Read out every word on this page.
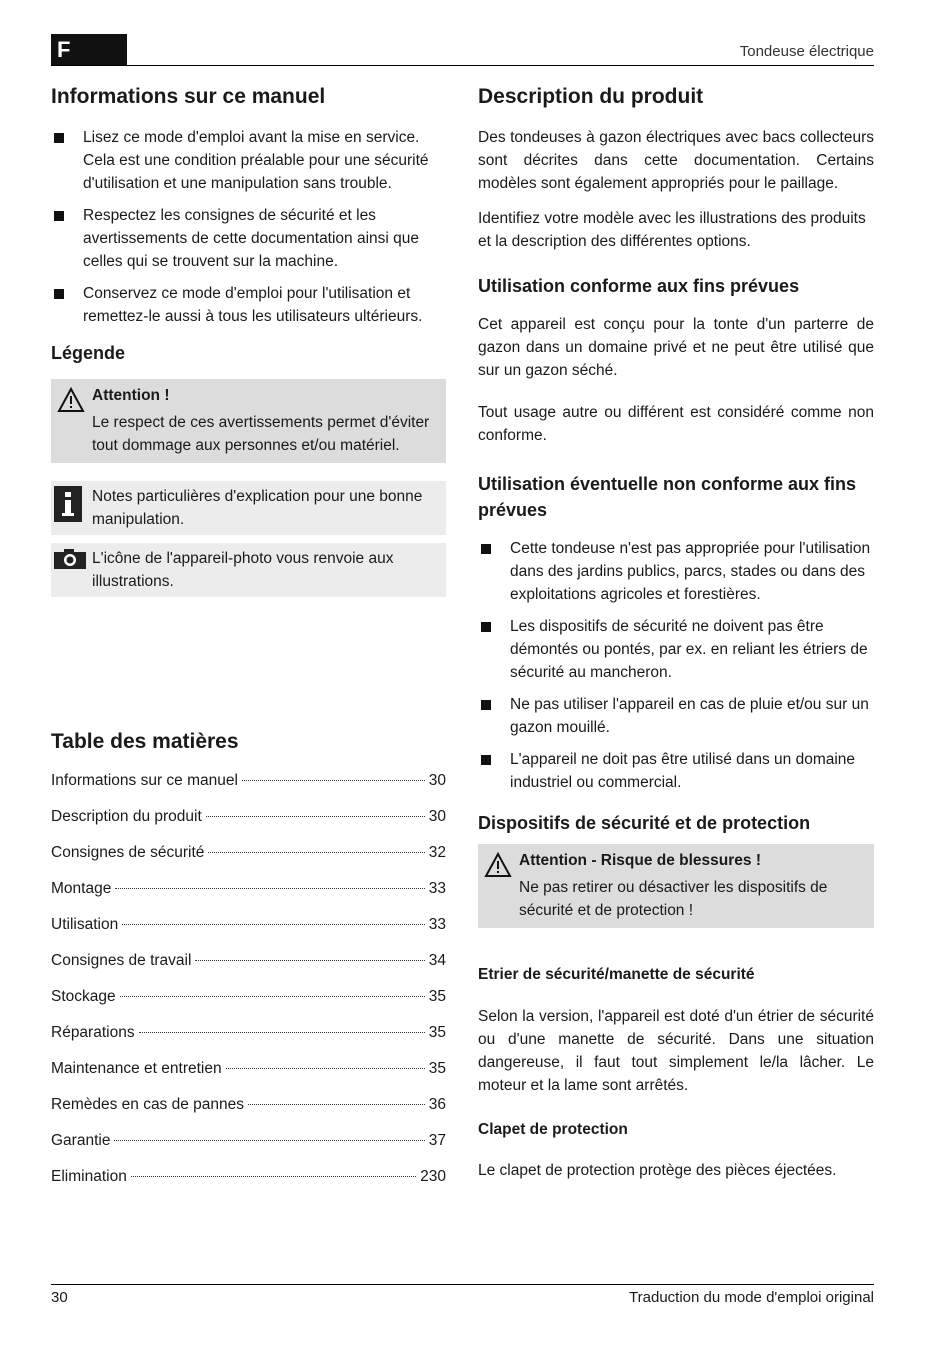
F	Tondeuse électrique
Informations sur ce manuel
Lisez ce mode d'emploi avant la mise en service. Cela est une condition préalable pour une sécurité d'utilisation et une manipulation sans trouble.
Respectez les consignes de sécurité et les avertissements de cette documentation ainsi que celles qui se trouvent sur la machine.
Conservez ce mode d'emploi pour l'utilisation et remettez-le aussi à tous les utilisateurs ultérieurs.
Légende
Attention !

Le respect de ces avertissements permet d'éviter tout dommage aux personnes et/ou matériel.

Notes particulières d'explication pour une bonne manipulation.

L'icône de l'appareil-photo vous renvoie aux illustrations.

Table des matières
Informations sur ce manuel	30
Description du produit	30
Consignes de sécurité	32
Montage	33
Utilisation	33
Consignes de travail	34
Stockage	35
Réparations	35
Maintenance et entretien	35
Remèdes en cas de pannes	36
Garantie	37
Elimination	230
Description du produit

Des tondeuses à gazon électriques avec bacs collecteurs sont décrites dans cette documentation. Certains modèles sont également appropriés pour le paillage.

Identifiez votre modèle avec les illustrations des produits et la description des différentes options.

Utilisation conforme aux fins prévues

Cet appareil est conçu pour la tonte d'un parterre de gazon dans un domaine privé et ne peut être utilisé que sur un gazon séché.

Tout usage autre ou différent est considéré comme non conforme.

Utilisation éventuelle non conforme aux fins prévues
Cette tondeuse n'est pas appropriée pour l'utilisation dans des jardins publics, parcs, stades ou dans des exploitations agricoles et forestières.
Les dispositifs de sécurité ne doivent pas être démontés ou pontés, par ex. en reliant les étriers de sécurité au mancheron.
Ne pas utiliser l'appareil en cas de pluie et/ou sur un gazon mouillé.
L'appareil ne doit pas être utilisé dans un domaine industriel ou commercial.
Dispositifs de sécurité et de protection
Attention - Risque de blessures !

Ne pas retirer ou désactiver les dispositifs de sécurité et de protection !

Etrier de sécurité/manette de sécurité

Selon la version, l'appareil est doté d'un étrier de sécurité ou d'une manette de sécurité. Dans une situation dangereuse, il faut tout simplement le/la lâcher. Le moteur et la lame sont arrêtés.

Clapet de protection

Le clapet de protection protège des pièces éjectées.

30	Traduction du mode d'emploi original
